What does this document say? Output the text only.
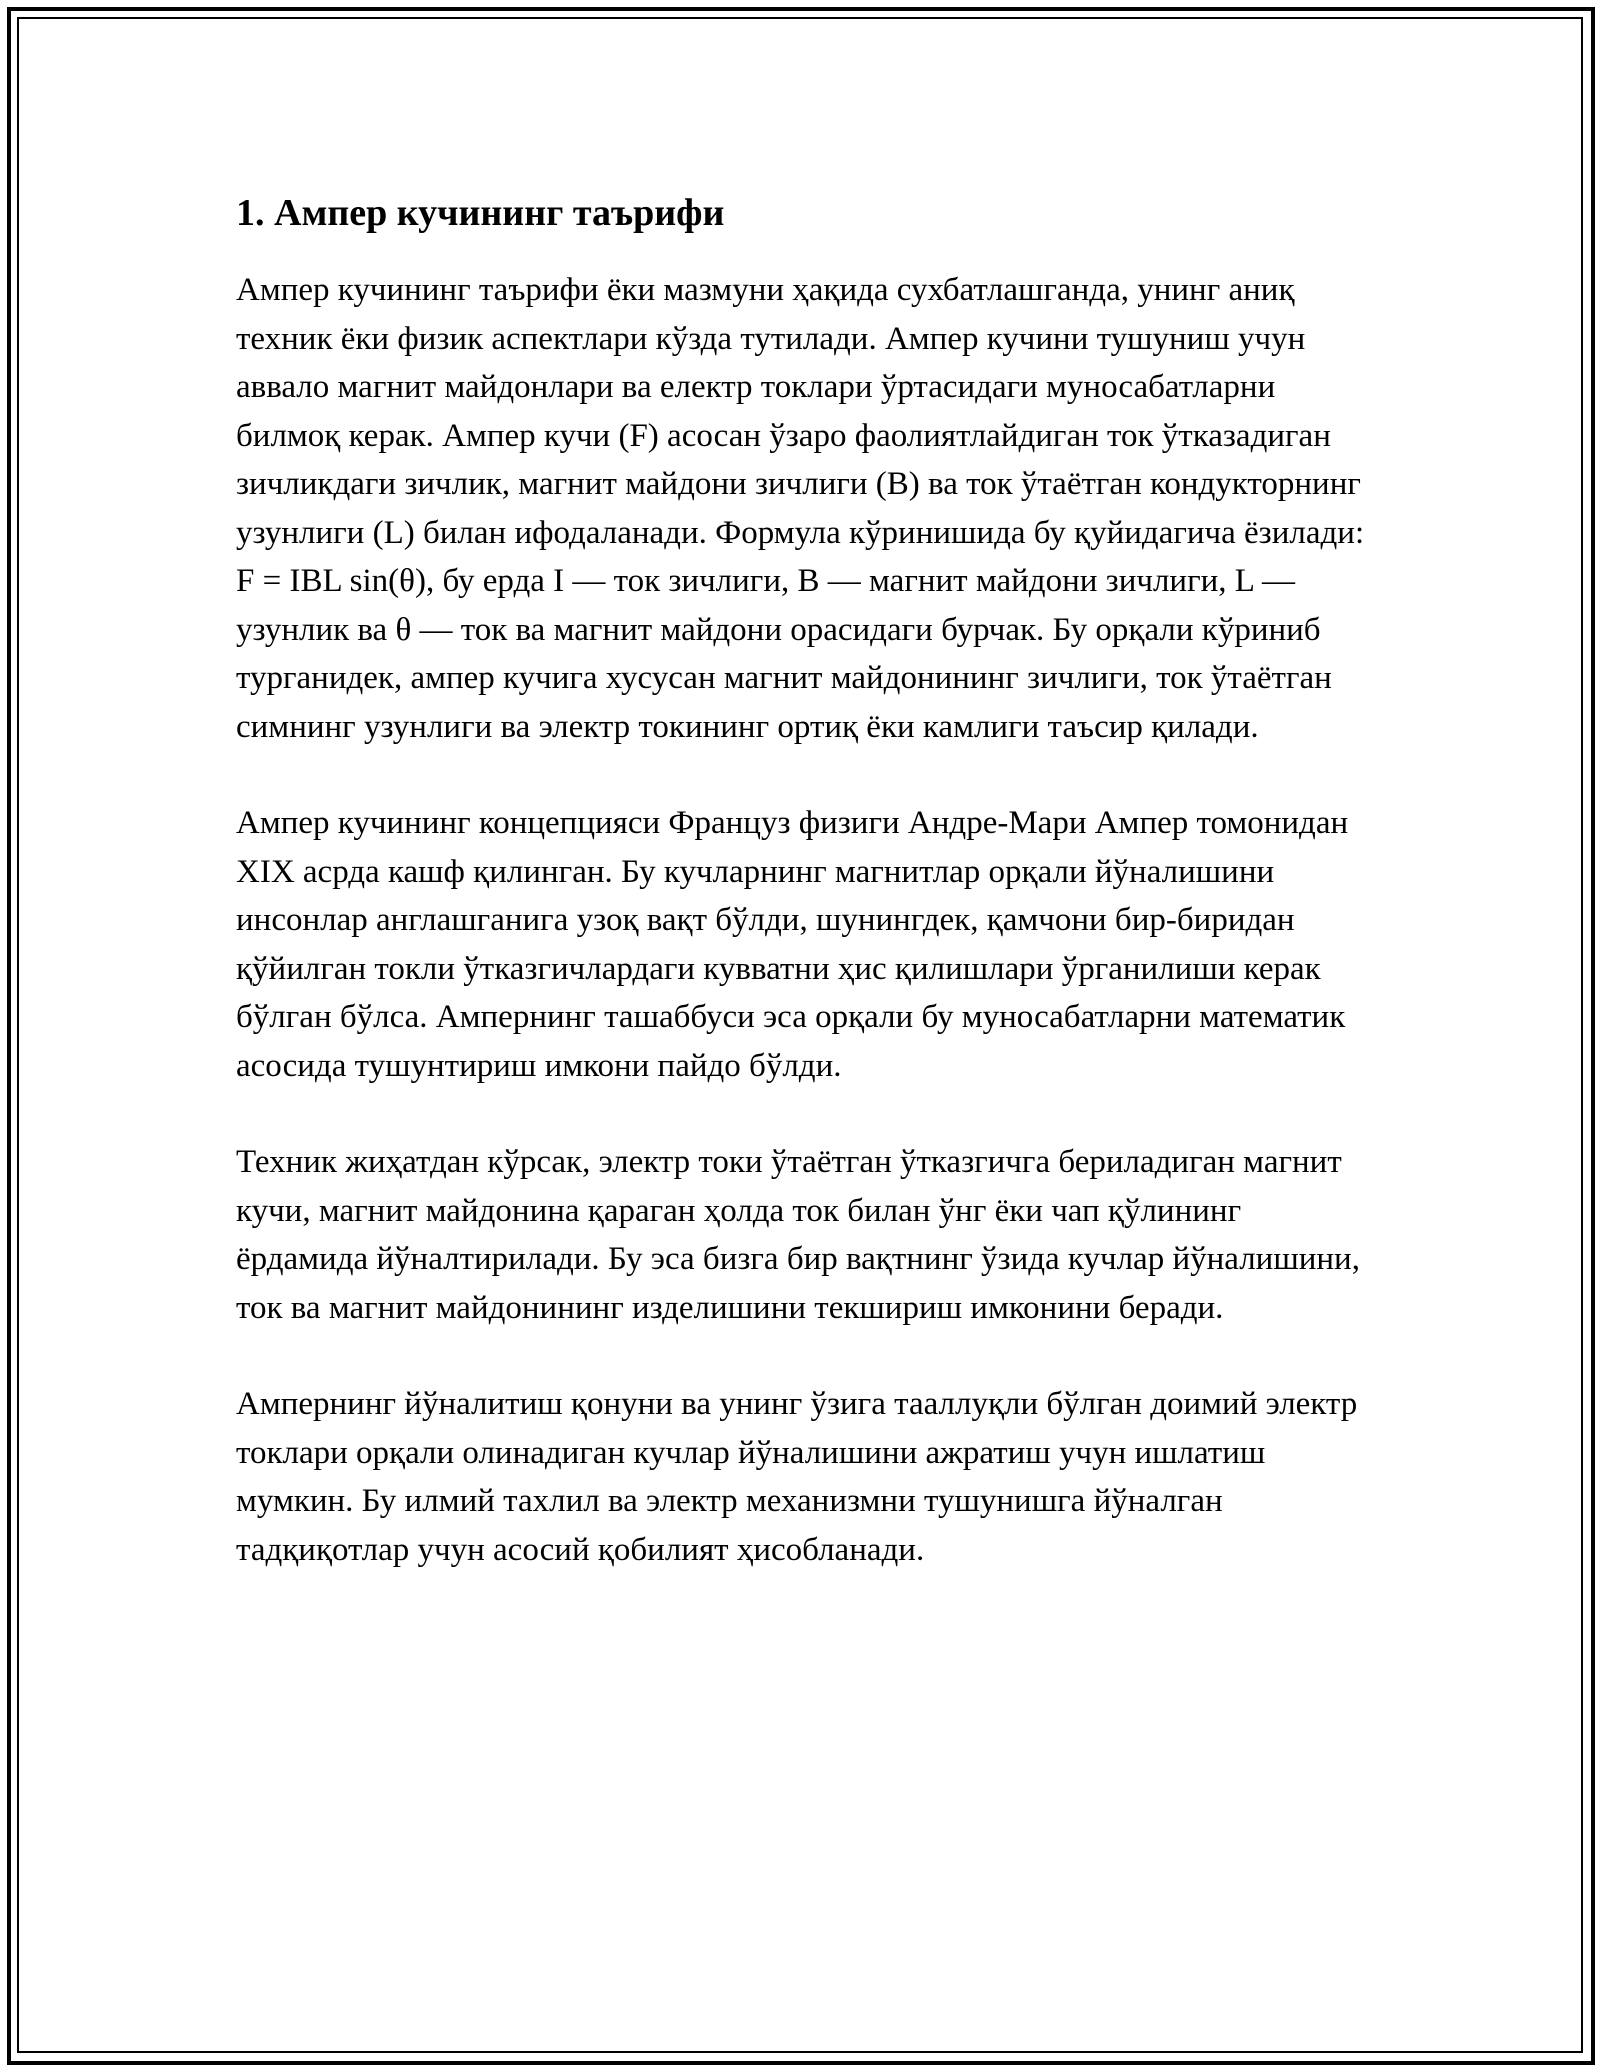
1. Ампер кучининг таърифи

Ампер кучининг таърифи ёки мазмуни ҳақида сухбатлашганда, унинг аниқ техник ёки физик аспектлари кўзда тутилади. Ампер кучини тушуниш учун аввало магнит майдонлари ва електр токлари ўртасидаги муносабатларни билмоқ керак. Ампер кучи (F) асосан ўзаро фаолиятлайдиган ток ўтказадиган зичликдаги зичлик, магнит майдони зичлиги (B) ва ток ўтаётган кондукторнинг узунлиги (L) билан ифодаланади. Формула кўринишида бу қуйидагича ёзилади: F = IBL sin(θ), бу ерда I — ток зичлиги, B — магнит майдони зичлиги, L — узунлик ва θ — ток ва магнит майдони орасидаги бурчак. Бу орқали кўриниб турганидек, ампер кучига хусусан магнит майдонининг зичлиги, ток ўтаётган симнинг узунлиги ва электр токининг ортиқ ёки камлиги таъсир қилади.

Ампер кучининг концепцияси Француз физиги Андре-Мари Ампер томонидан XIX асрда кашф қилинган. Бу кучларнинг магнитлар орқали йўналишини инсонлар англашганига узоқ вақт бўлди, шунингдек, қамчони бир-биридан қўйилган токли ўтказгичлардаги кувватни ҳис қилишлари ўрганилиши керак бўлган бўлса. Ампернинг ташаббуси эса орқали бу муносабатларни математик асосида тушунтириш имкони пайдо бўлди.

Техник жиҳатдан кўрсак, электр токи ўтаётган ўтказгичга бериладиган магнит кучи, магнит майдонина қараган ҳолда ток билан ўнг ёки чап қўлининг ёрдамида йўналтирилади. Бу эса бизга бир вақтнинг ўзида кучлар йўналишини, ток ва магнит майдонининг изделишини текшириш имконини беради.

Ампернинг йўналитиш қонуни ва унинг ўзига тааллуқли бўлган доимий электр токлари орқали олинадиган кучлар йўналишини ажратиш учун ишлатиш мумкин. Бу илмий тахлил ва электр механизмни тушунишга йўналган тадқиқотлар учун асосий қобилият ҳисобланади.
